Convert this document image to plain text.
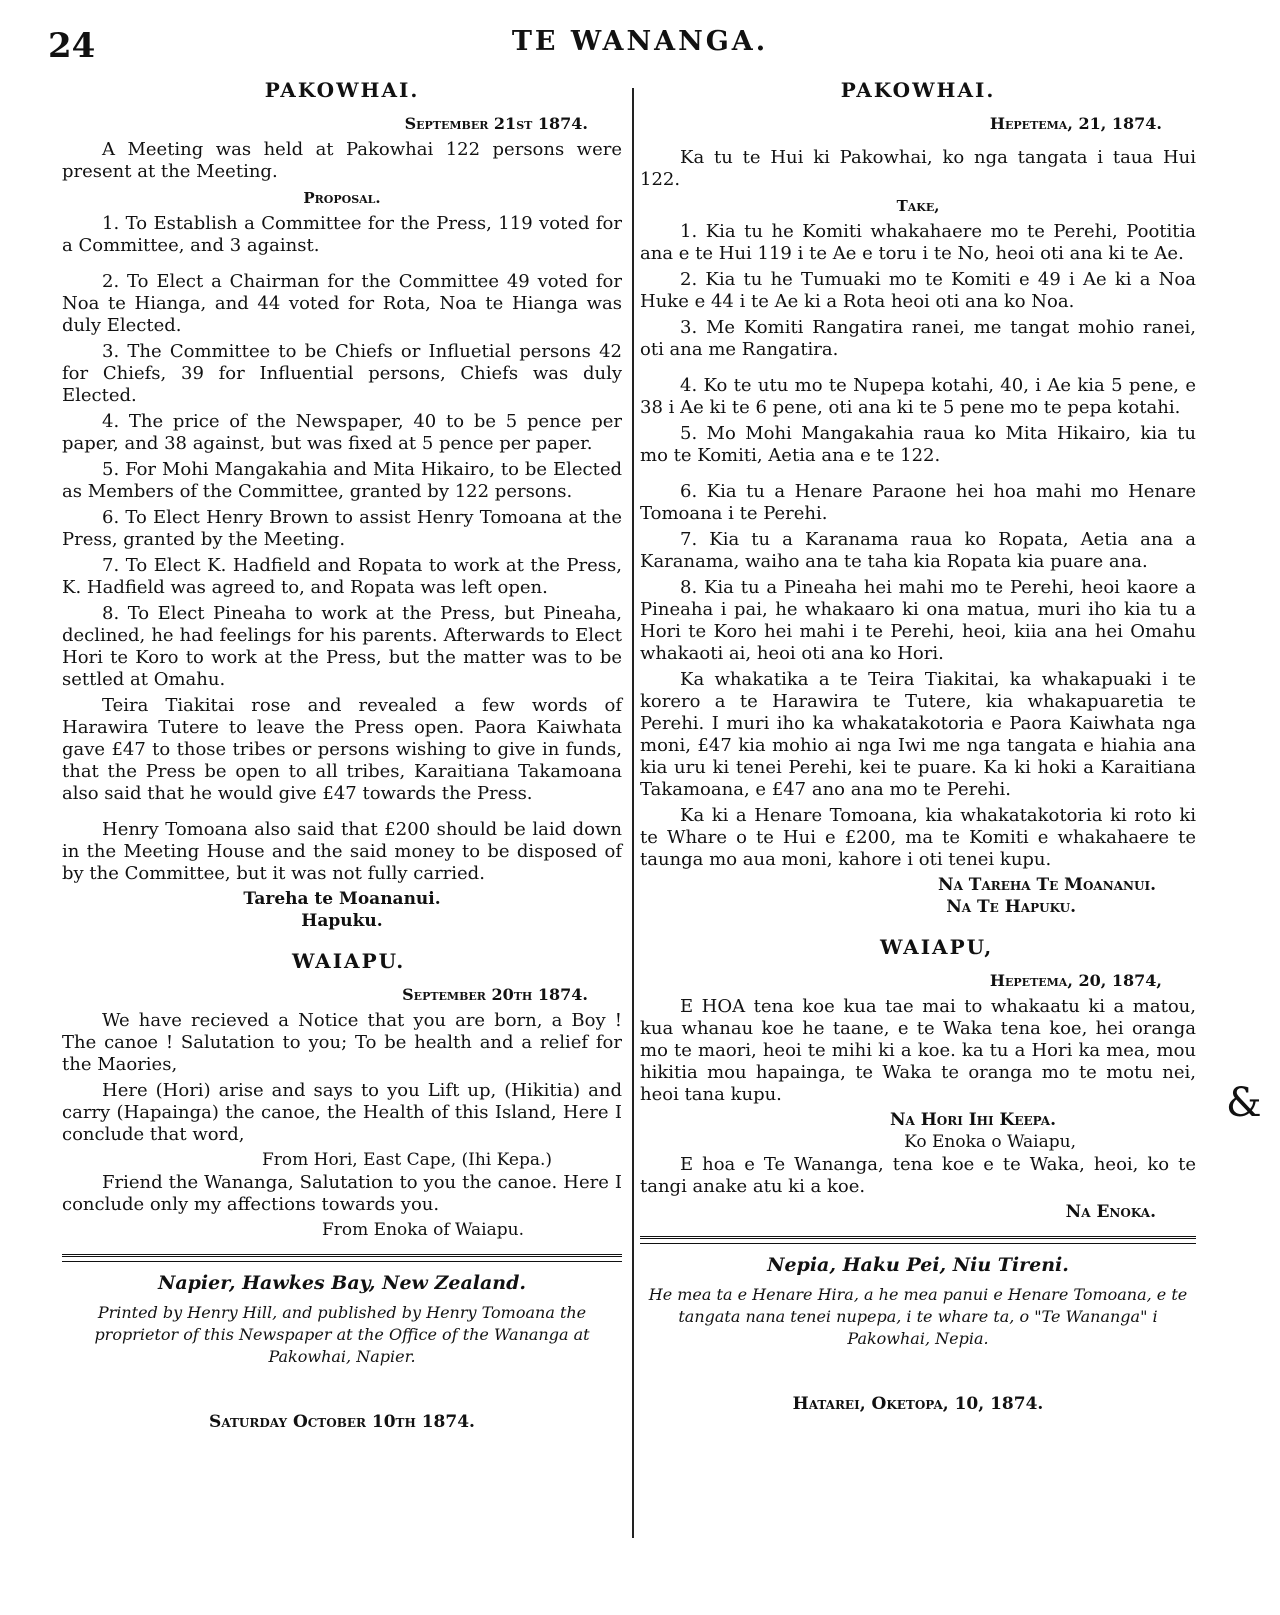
24	TE WANANGA.
&
PAKOWHAI.
September 21st 1874.

A Meeting was held at Pakowhai 122 persons were present at the Meeting.

Proposal.

1. To Establish a Committee for the Press, 119 voted for a Committee, and 3 against.

2. To Elect a Chairman for the Committee 49 voted for Noa te Hianga, and 44 voted for Rota, Noa te Hianga was duly Elected.

3. The Committee to be Chiefs or Influetial persons 42 for Chiefs, 39 for Influential persons, Chiefs was duly Elected.

4. The price of the Newspaper, 40 to be 5 pence per paper, and 38 against, but was fixed at 5 pence per paper.

5. For Mohi Mangakahia and Mita Hikairo, to be Elected as Members of the Committee, granted by 122 persons.

6. To Elect Henry Brown to assist Henry Tomoana at the Press, granted by the Meeting.

7. To Elect K. Hadfield and Ropata to work at the Press, K. Hadfield was agreed to, and Ropata was left open.

8. To Elect Pineaha to work at the Press, but Pineaha, declined, he had feelings for his parents. Afterwards to Elect Hori te Koro to work at the Press, but the matter was to be settled at Omahu.

Teira Tiakitai rose and revealed a few words of Harawira Tutere to leave the Press open. Paora Kaiwhata gave £47 to those tribes or persons wishing to give in funds, that the Press be open to all tribes, Karaitiana Takamoana also said that he would give £47 towards the Press.

Henry Tomoana also said that £200 should be laid down in the Meeting House and the said money to be disposed of by the Committee, but it was not fully carried.

Tareha te Moananui.
Hapuku.
WAIAPU.
September 20th 1874.

We have recieved a Notice that you are born, a Boy ! The canoe ! Salutation to you; To be health and a relief for the Maories,

Here (Hori) arise and says to you Lift up, (Hikitia) and carry (Hapainga) the canoe, the Health of this Island, Here I conclude that word,

From Hori, East Cape, (Ihi Kepa.)

Friend the Wananga, Salutation to you the canoe. Here I conclude only my affections towards you.

From Enoka of Waiapu.
Napier, Hawkes Bay, New Zealand.
Printed by Henry Hill, and published by Henry Tomoana the proprietor of this Newspaper at the Office of the Wananga at Pakowhai, Napier.
Saturday October 10th 1874.
PAKOWHAI.
Hepetema, 21, 1874.

Ka tu te Hui ki Pakowhai, ko nga tangata i taua Hui 122.

Take,

1. Kia tu he Komiti whakahaere mo te Perehi, Pootitia ana e te Hui 119 i te Ae e toru i te No, heoi oti ana ki te Ae.

2. Kia tu he Tumuaki mo te Komiti e 49 i Ae ki a Noa Huke e 44 i te Ae ki a Rota heoi oti ana ko Noa.

3. Me Komiti Rangatira ranei, me tangat mohio ranei, oti ana me Rangatira.

4. Ko te utu mo te Nupepa kotahi, 40, i Ae kia 5 pene, e 38 i Ae ki te 6 pene, oti ana ki te 5 pene mo te pepa kotahi.

5. Mo Mohi Mangakahia raua ko Mita Hikairo, kia tu mo te Komiti, Aetia ana e te 122.

6. Kia tu a Henare Paraone hei hoa mahi mo Henare Tomoana i te Perehi.

7. Kia tu a Karanama raua ko Ropata, Aetia ana a Karanama, waiho ana te taha kia Ropata kia puare ana.

8. Kia tu a Pineaha hei mahi mo te Perehi, heoi kaore a Pineaha i pai, he whakaaro ki ona matua, muri iho kia tu a Hori te Koro hei mahi i te Perehi, heoi, kiia ana hei Omahu whakaoti ai, heoi oti ana ko Hori.

Ka whakatika a te Teira Tiakitai, ka whakapuaki i te korero a te Harawira te Tutere, kia whakapuaretia te Perehi. I muri iho ka whakatakotoria e Paora Kaiwhata nga moni, £47 kia mohio ai nga Iwi me nga tangata e hiahia ana kia uru ki tenei Perehi, kei te puare. Ka ki hoki a Karaitiana Takamoana, e £47 ano ana mo te Perehi.

Ka ki a Henare Tomoana, kia whakatakotoria ki roto ki te Whare o te Hui e £200, ma te Komiti e whakahaere te taunga mo aua moni, kahore i oti tenei kupu.

Na Tareha Te Moananui.
Na Te Hapuku.
WAIAPU,
Hepetema, 20, 1874,

E HOA tena koe kua tae mai to whakaatu ki a matou, kua whanau koe he taane, e te Waka tena koe, hei oranga mo te maori, heoi te mihi ki a koe. ka tu a Hori ka mea, mou hikitia mou hapainga, te Waka te oranga mo te motu nei, heoi tana kupu.

Na Hori Ihi Keepa.
Ko Enoka o Waiapu,

E hoa e Te Wananga, tena koe e te Waka, heoi, ko te tangi anake atu ki a koe.

Na Enoka.
Nepia, Haku Pei, Niu Tireni.
He mea ta e Henare Hira, a he mea panui e Henare Tomoana, e te tangata nana tenei nupepa, i te whare ta, o "Te Wananga" i Pakowhai, Nepia.
Hatarei, Oketopa, 10, 1874.
